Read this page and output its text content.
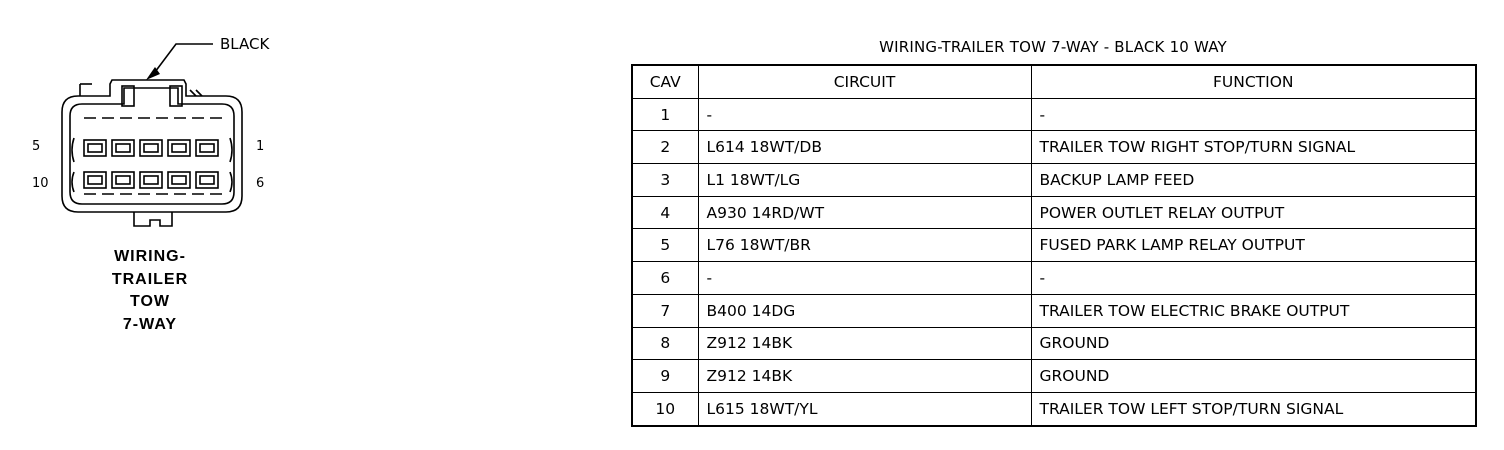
BLACK
5
10
1
6
WIRING-
TRAILER
TOW
7-WAY
WIRING-TRAILER TOW 7-WAY - BLACK 10 WAY
CAV	CIRCUIT	FUNCTION
1	-	-
2	L614 18WT/DB	TRAILER TOW RIGHT STOP/TURN SIGNAL
3	L1 18WT/LG	BACKUP LAMP FEED
4	A930 14RD/WT	POWER OUTLET RELAY OUTPUT
5	L76 18WT/BR	FUSED PARK LAMP RELAY OUTPUT
6	-	-
7	B400 14DG	TRAILER TOW ELECTRIC BRAKE OUTPUT
8	Z912 14BK	GROUND
9	Z912 14BK	GROUND
10	L615 18WT/YL	TRAILER TOW LEFT STOP/TURN SIGNAL
